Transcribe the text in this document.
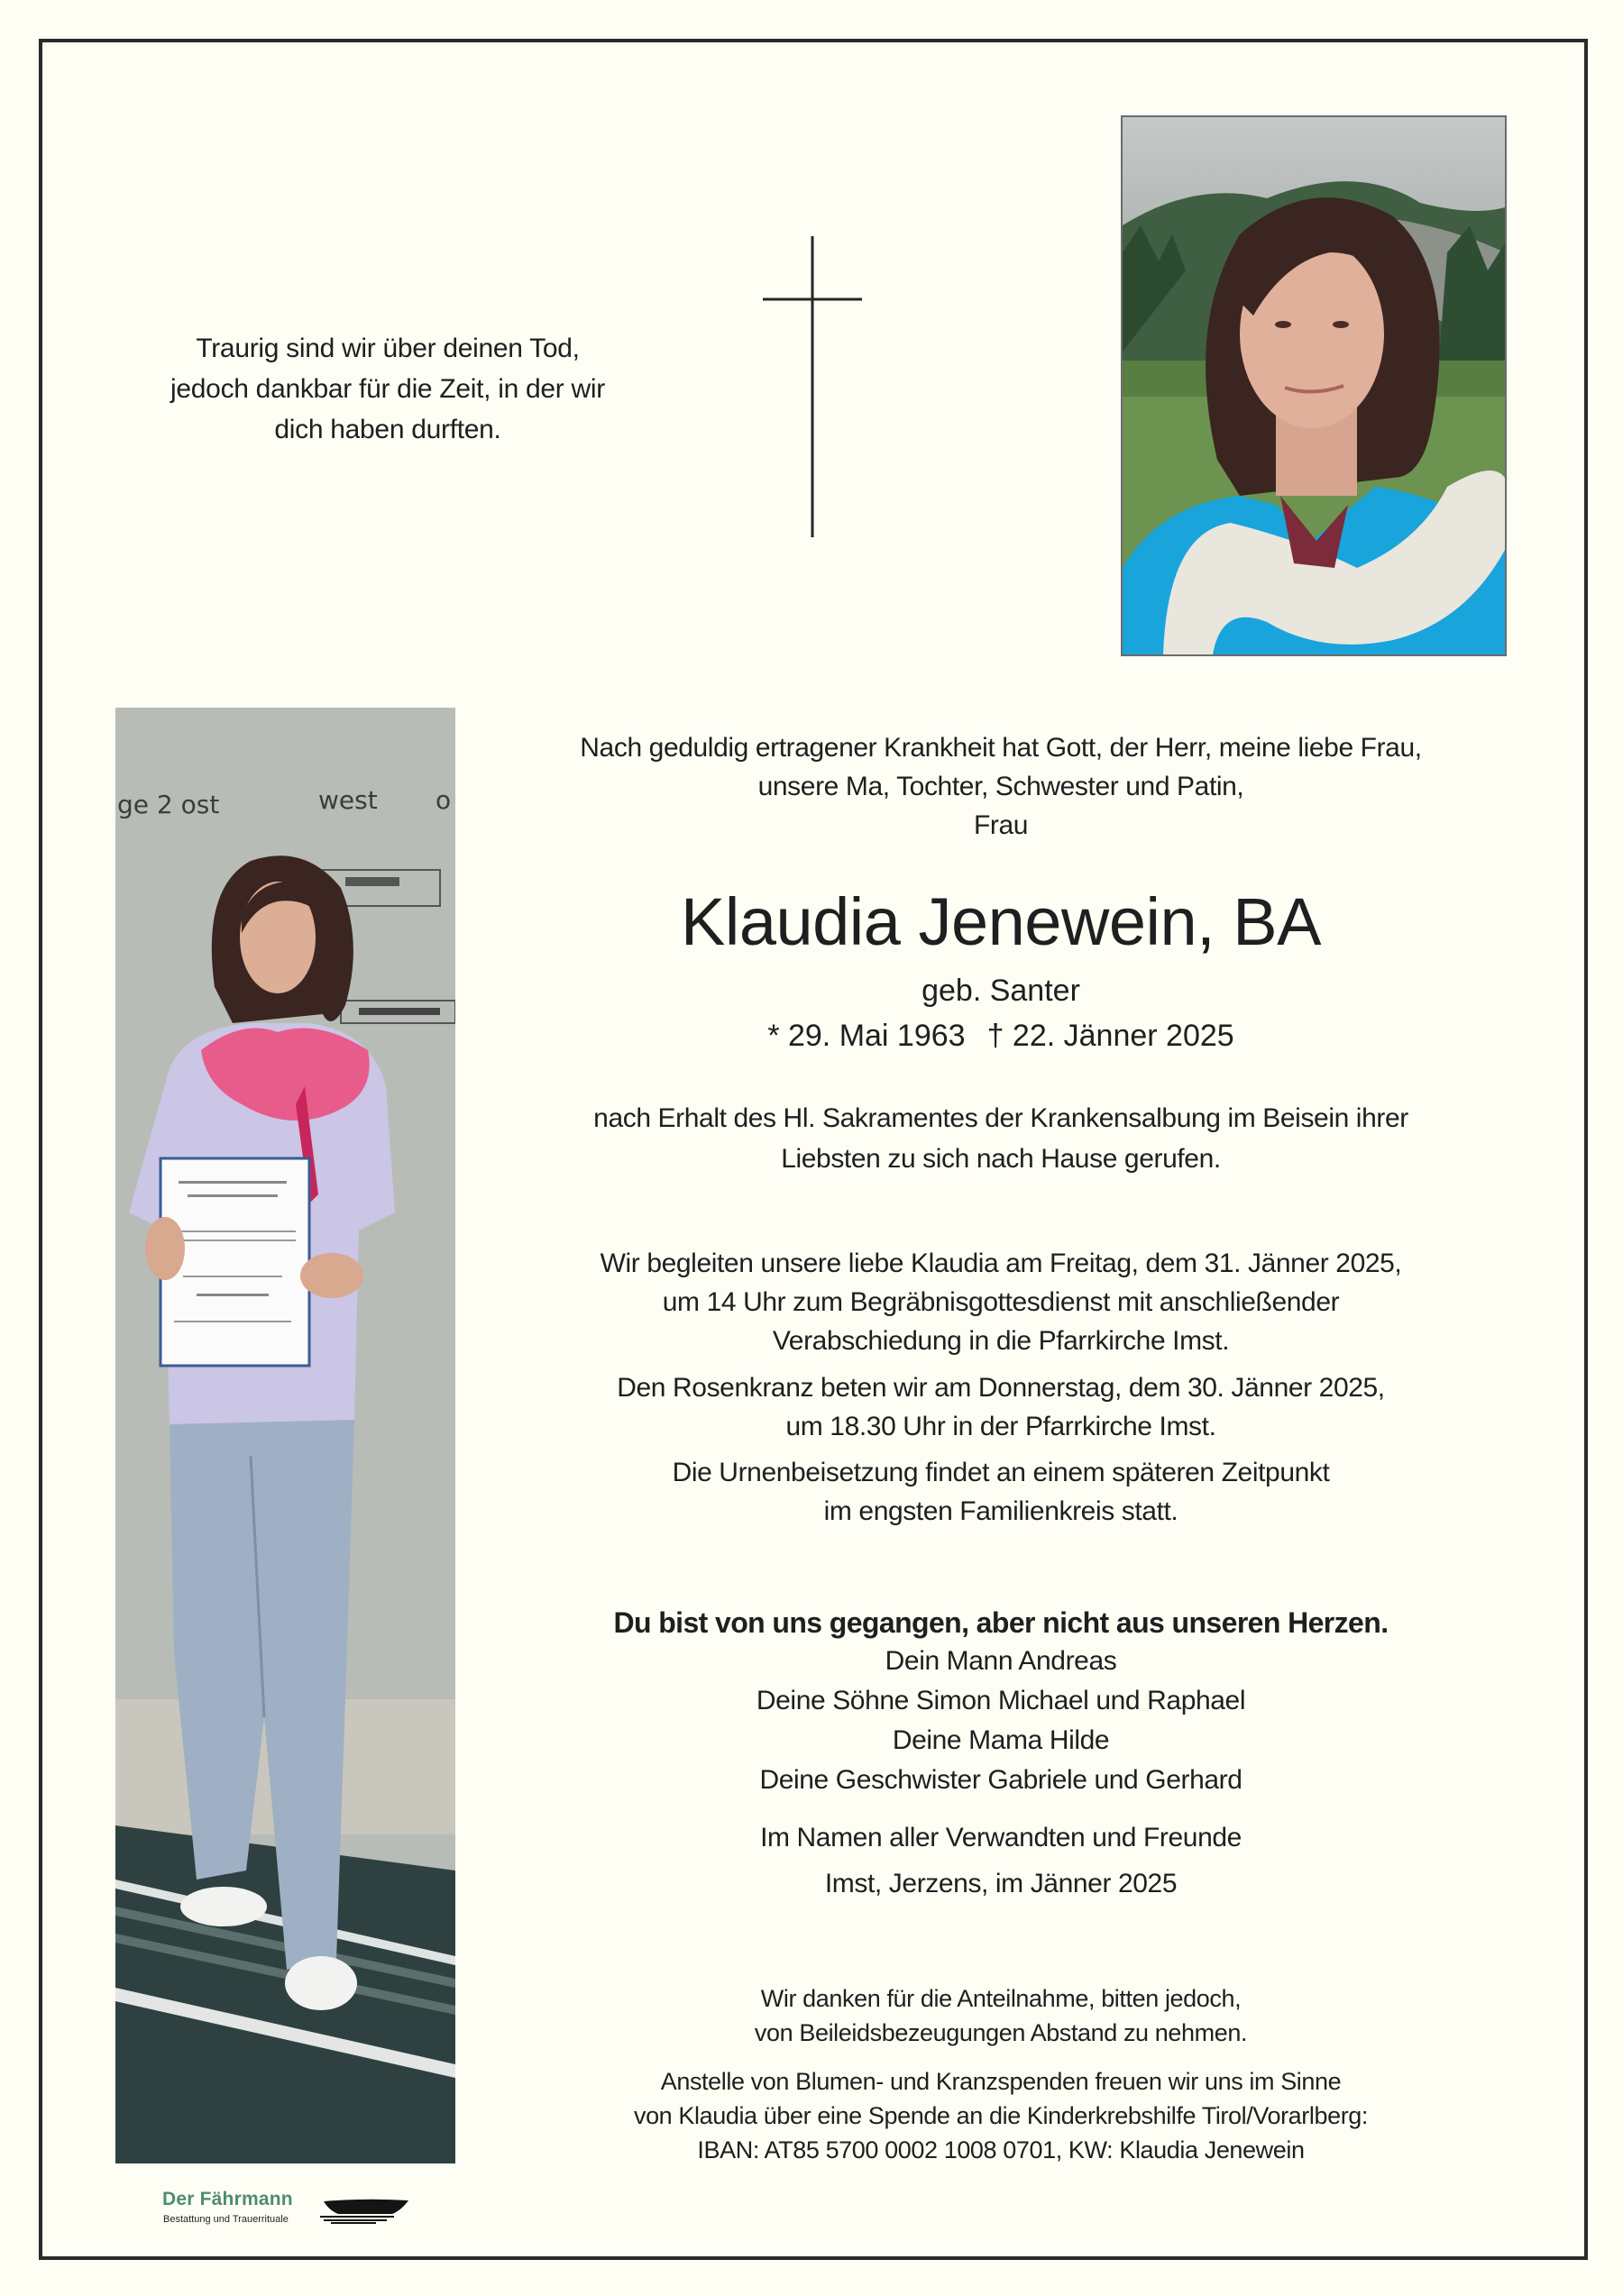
Traurig sind wir über deinen Tod,
jedoch dankbar für die Zeit, in der wir
dich haben durften.
ge 2 ost	west o
Nach geduldig ertragener Krankheit hat Gott, der Herr, meine liebe Frau,
unsere Ma, Tochter, Schwester und Patin,
Frau
Klaudia Jenewein, BA
geb. Santer
* 29. Mai 1963 † 22. Jänner 2025
nach Erhalt des Hl. Sakramentes der Krankensalbung im Beisein ihrer
Liebsten zu sich nach Hause gerufen.
Wir begleiten unsere liebe Klaudia am Freitag, dem 31. Jänner 2025,
um 14 Uhr zum Begräbnisgottesdienst mit anschließender
Verabschiedung in die Pfarrkirche Imst.
Den Rosenkranz beten wir am Donnerstag, dem 30. Jänner 2025,
um 18.30 Uhr in der Pfarrkirche Imst.
Die Urnenbeisetzung findet an einem späteren Zeitpunkt
im engsten Familienkreis statt.
Du bist von uns gegangen, aber nicht aus unseren Herzen.
Dein Mann Andreas
Deine Söhne Simon Michael und Raphael
Deine Mama Hilde
Deine Geschwister Gabriele und Gerhard
Im Namen aller Verwandten und Freunde
Imst, Jerzens, im Jänner 2025
Wir danken für die Anteilnahme, bitten jedoch,
von Beileidsbezeugungen Abstand zu nehmen.
Anstelle von Blumen- und Kranzspenden freuen wir uns im Sinne
von Klaudia über eine Spende an die Kinderkrebshilfe Tirol/Vorarlberg:
IBAN: AT85 5700 0002 1008 0701, KW: Klaudia Jenewein
Der Fährmann
Bestattung und Trauerrituale
